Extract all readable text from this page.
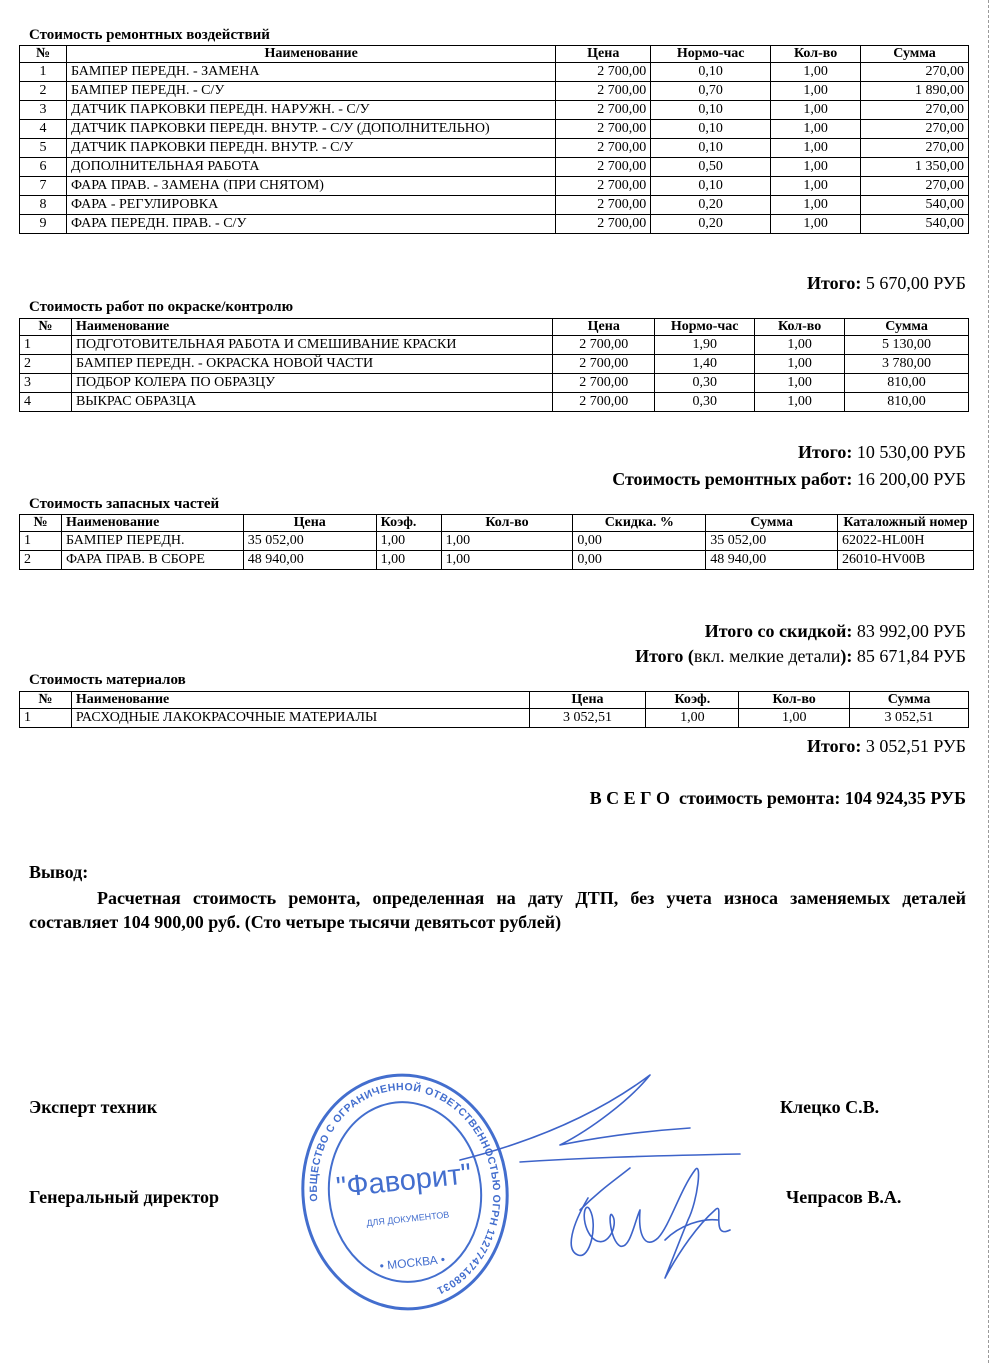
Стоимость ремонтных воздействий
№	Наименование	Цена	Нормо-час	Кол-во	Сумма
1	БАМПЕР ПЕРЕДН. - ЗАМЕНА	2 700,00	0,10	1,00	270,00
2	БАМПЕР ПЕРЕДН. - С/У	2 700,00	0,70	1,00	1 890,00
3	ДАТЧИК ПАРКОВКИ ПЕРЕДН. НАРУЖН. - С/У	2 700,00	0,10	1,00	270,00
4	ДАТЧИК ПАРКОВКИ ПЕРЕДН. ВНУТР. - С/У (ДОПОЛНИТЕЛЬНО)	2 700,00	0,10	1,00	270,00
5	ДАТЧИК ПАРКОВКИ ПЕРЕДН. ВНУТР. - С/У	2 700,00	0,10	1,00	270,00
6	ДОПОЛНИТЕЛЬНАЯ РАБОТА	2 700,00	0,50	1,00	1 350,00
7	ФАРА ПРАВ. - ЗАМЕНА (ПРИ СНЯТОМ)	2 700,00	0,10	1,00	270,00
8	ФАРА - РЕГУЛИРОВКА	2 700,00	0,20	1,00	540,00
9	ФАРА ПЕРЕДН. ПРАВ. - С/У	2 700,00	0,20	1,00	540,00
Итого: 5 670,00 РУБ
Стоимость работ по окраске/контролю
№	Наименование	Цена	Нормо-час	Кол-во	Сумма
1	ПОДГОТОВИТЕЛЬНАЯ РАБОТА И СМЕШИВАНИЕ КРАСКИ	2 700,00	1,90	1,00	5 130,00
2	БАМПЕР ПЕРЕДН. - ОКРАСКА НОВОЙ ЧАСТИ	2 700,00	1,40	1,00	3 780,00
3	ПОДБОР КОЛЕРА ПО ОБРАЗЦУ	2 700,00	0,30	1,00	810,00
4	ВЫКРАС ОБРАЗЦА	2 700,00	0,30	1,00	810,00
Итого: 10 530,00 РУБ
Стоимость ремонтных работ: 16 200,00 РУБ
Стоимость запасных частей
№	Наименование	Цена	Коэф.	Кол-во	Скидка. %	Сумма	Каталожный номер
1	БАМПЕР ПЕРЕДН.	35 052,00	1,00	1,00	0,00	35 052,00	62022-HL00H
2	ФАРА ПРАВ. В СБОРЕ	48 940,00	1,00	1,00	0,00	48 940,00	26010-HV00B
Итого со скидкой: 83 992,00 РУБ
Итого (вкл. мелкие детали): 85 671,84 РУБ
Стоимость материалов
№	Наименование	Цена	Коэф.	Кол-во	Сумма
1	РАСХОДНЫЕ ЛАКОКРАСОЧНЫЕ МАТЕРИАЛЫ	3 052,51	1,00	1,00	3 052,51
Итого: 3 052,51 РУБ
В С Е Г О  стоимость ремонта: 104 924,35 РУБ
Вывод:
Расчетная стоимость ремонта, определенная на дату ДТП, без учета износа заменяемых деталей составляет 104 900,00 руб. (Сто четыре тысячи девятьсот рублей)
Эксперт техник	Клецко С.В.
Генеральный директор	Чепрасов В.А.
ОБЩЕСТВО С ОГРАНИЧЕННОЙ ОТВЕТСТВЕННОСТЬЮ ОГРН 1127747168031
"Фаворит"
ДЛЯ ДОКУМЕНТОВ
• МОСКВА •
